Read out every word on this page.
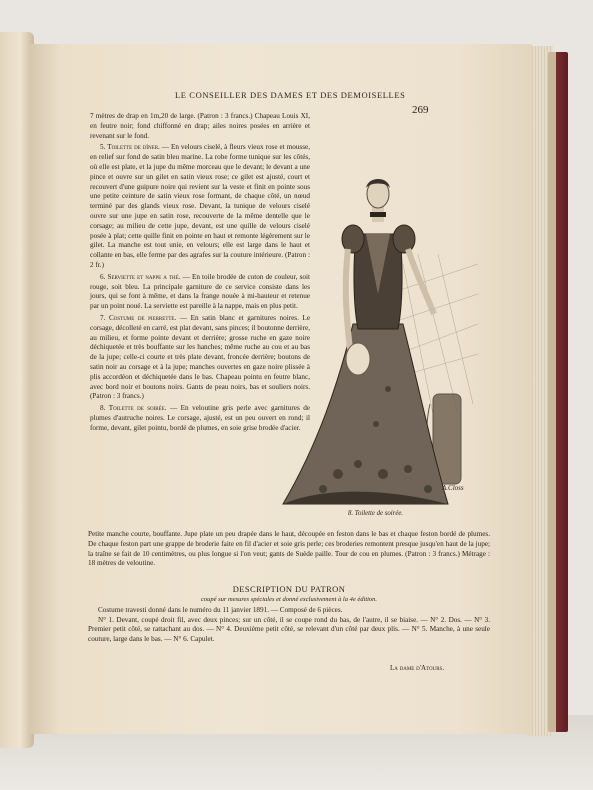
LE CONSEILLER DES DAMES ET DES DEMOISELLES
269

7 mètres de drap en 1m,20 de large. (Patron : 3 francs.) Chapeau Louis XI, en feutre noir; fond chiffonné en drap; ailes noires posées en arrière et revenant sur le fond.

5. Toilette de dîner. — En velours ciselé, à fleurs vieux rose et mousse, en relief sur fond de satin bleu marine. La robe forme tunique sur les côtés, où elle est plate, et la jupe du même morceau que le devant; le devant a une pince et ouvre sur un gilet en satin vieux rose; ce gilet est ajusté, court et recouvert d'une guipure noire qui revient sur la veste et finit en pointe sous une petite ceinture de satin vieux rose formant, de chaque côté, un nœud terminé par des glands vieux rose. Devant, la tunique de velours ciselé ouvre sur une jupe en satin rose, recouverte de la même dentelle que le corsage; au milieu de cette jupe, devant, est une quille de velours ciselé posée à plat; cette quille finit en pointe en haut et remonte légèrement sur le gilet. La manche est tout unie, en velours; elle est large dans le haut et collante en bas, elle ferme par des agrafes sur la couture intérieure. (Patron : 2 fr.)

6. Serviette et nappe a thé. — En toile brodée de coton de couleur, soit rouge, soit bleu. La principale garniture de ce service consiste dans les jours, qui se font à même, et dans la frange nouée à mi-hauteur et retenue par un point noué. La serviette est pareille à la nappe, mais en plus petit.

7. Costume de pierrette. — En satin blanc et garnitures noires. Le corsage, décolleté en carré, est plat devant, sans pinces; il boutonne derrière, au milieu, et forme pointe devant et derrière; grosse ruche en gaze noire déchiquetée et très bouffante sur les hanches; même ruche au cou et au bas de la jupe; celle-ci courte et très plate devant, froncée derrière; boutons de satin noir au corsage et à la jupe; manches ouvertes en gaze noire plissée à plis accordéon et déchiquetée dans le bas. Chapeau pointu en feutre blanc, avec bord noir et boutons noirs. Gants de peau noirs, bas et souliers noirs. (Patron : 3 francs.)

8. Toilette de soirée. — En veloutine gris perle avec garnitures de plumes d'autruche noires. Le corsage, ajusté, est un peu ouvert en rond; il forme, devant, gilet pointu, bordé de plumes, en soie grise brodée d'acier.

A.Closs
8. Toilette de soirée.

Petite manche courte, bouffante. Jupe plate un peu drapée dans le haut, découpée en feston dans le bas et chaque feston bordé de plumes. De chaque feston part une grappe de broderie faite en fil d'acier et soie gris perle; ces broderies remontent presque jusqu'en haut de la jupe; la traîne se fait de 10 centimètres, ou plus longue si l'on veut; gants de Suède paille. Tour de cou en plumes. (Patron : 3 francs.) Métrage : 18 mètres de veloutine.

DESCRIPTION DU PATRON
coupé sur mesures spéciales et donné exclusivement à la 4e édition.

Costume travesti donné dans le numéro du 11 janvier 1891. — Composé de 6 pièces.

N° 1. Devant, coupé droit fil, avec deux pinces; sur un côté, il se coupe rond du bas, de l'autre, il se biaise. — N° 2. Dos. — N° 3. Premier petit côté, se rattachant au dos. — N° 4. Deuxième petit côté, se relevant d'un côté par deux plis. — N° 5. Manche, à une seule couture, large dans le bas. — N° 6. Capulet.

La dame d'Atours.
